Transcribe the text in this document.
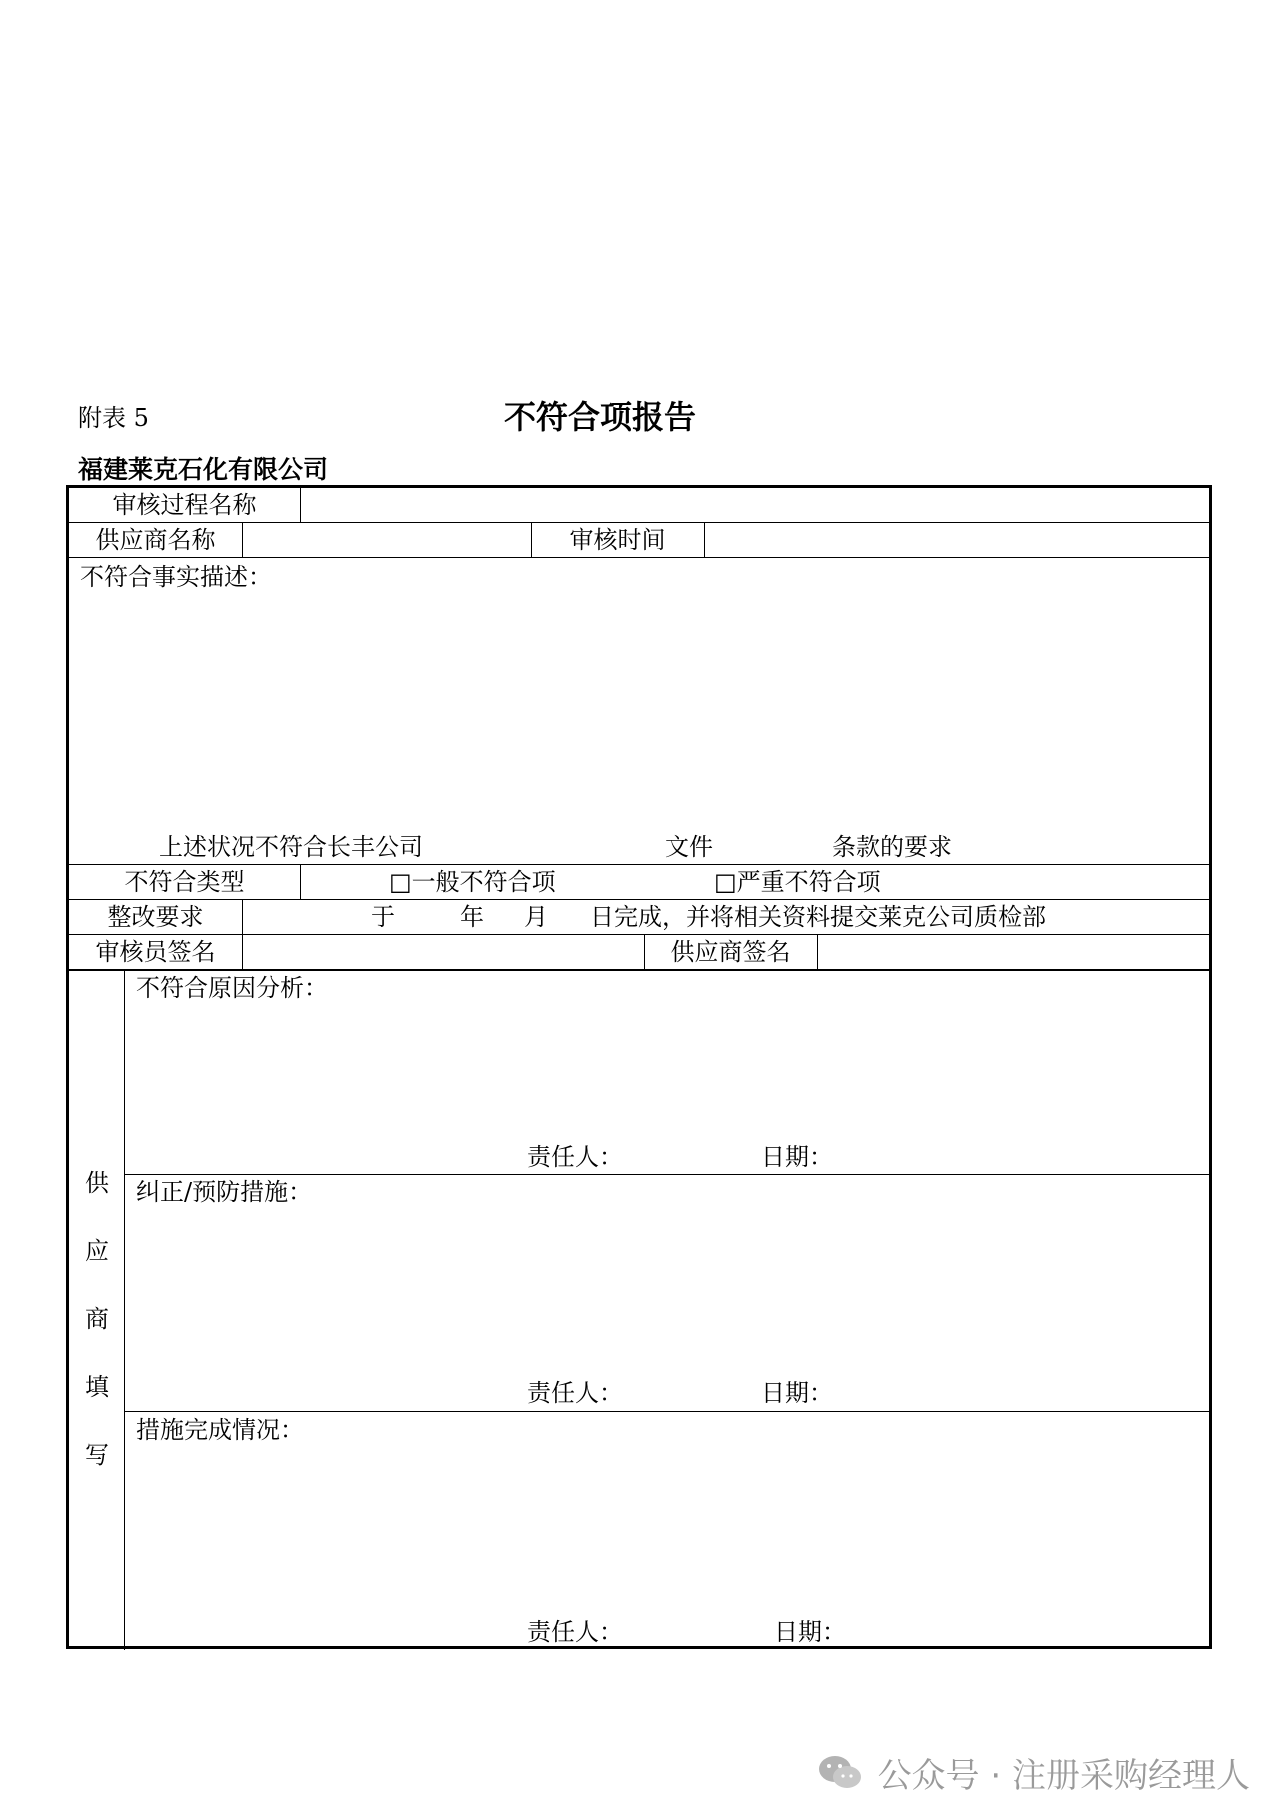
附表 5	不符合项报告
福建莱克石化有限公司
审核过程名称
供应商名称	审核时间
不符合事实描述：
上述状况不符合长丰公司	文件	条款的要求
不符合类型	□一般不符合项	□严重不符合项
整改要求	于	年 月 日完成，并将相关资料提交莱克公司质检部
审核员签名	供应商签名
供
应
商
填
写
不符合原因分析：
责任人：	日期：
纠正/预防措施：
责任人：	日期：
措施完成情况：
责任人：	日期：
公众号 · 注册采购经理人
